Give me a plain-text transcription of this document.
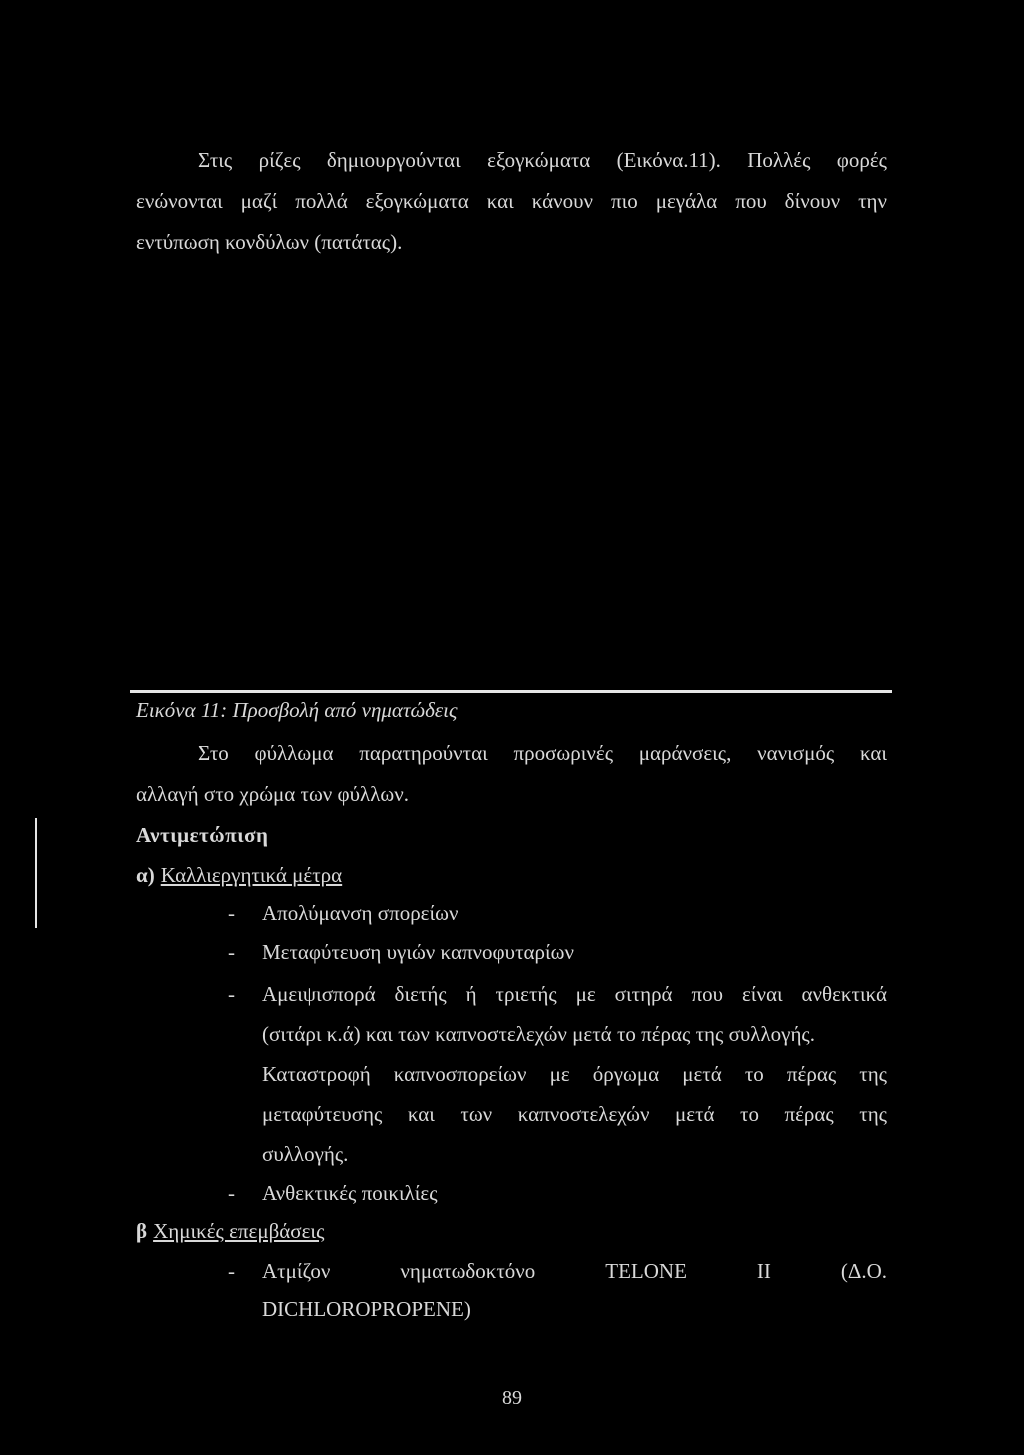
Στις ρίζες δημιουργούνται εξογκώματα (Εικόνα.11). Πολλές φορές
ενώνονται μαζί πολλά εξογκώματα και κάνουν πιο μεγάλα που δίνουν την
εντύπωση κονδύλων (πατάτας).
Εικόνα 11: Προσβολή από νηματώδεις
Στο φύλλωμα παρατηρούνται προσωρινές μαράνσεις, νανισμός και
αλλαγή στο χρώμα των φύλλων.
Αντιμετώπιση
α) Καλλιεργητικά μέτρα
- Απολύμανση σπορείων
- Μεταφύτευση υγιών καπνοφυταρίων
- Αμειψισπορά διετής ή τριετής με σιτηρά που είναι ανθεκτικά
(σιτάρι κ.ά) και των καπνοστελεχών μετά το πέρας της συλλογής.
Καταστροφή καπνοσπορείων με όργωμα μετά το πέρας της
μεταφύτευσης και των καπνοστελεχών μετά το πέρας της
συλλογής.
- Ανθεκτικές ποικιλίες
β Χημικές επεμβάσεις
- Ατμίζον νηματωδοκτόνο TELONE II (Δ.Ο.
DICHLOROPROPENE)
89
